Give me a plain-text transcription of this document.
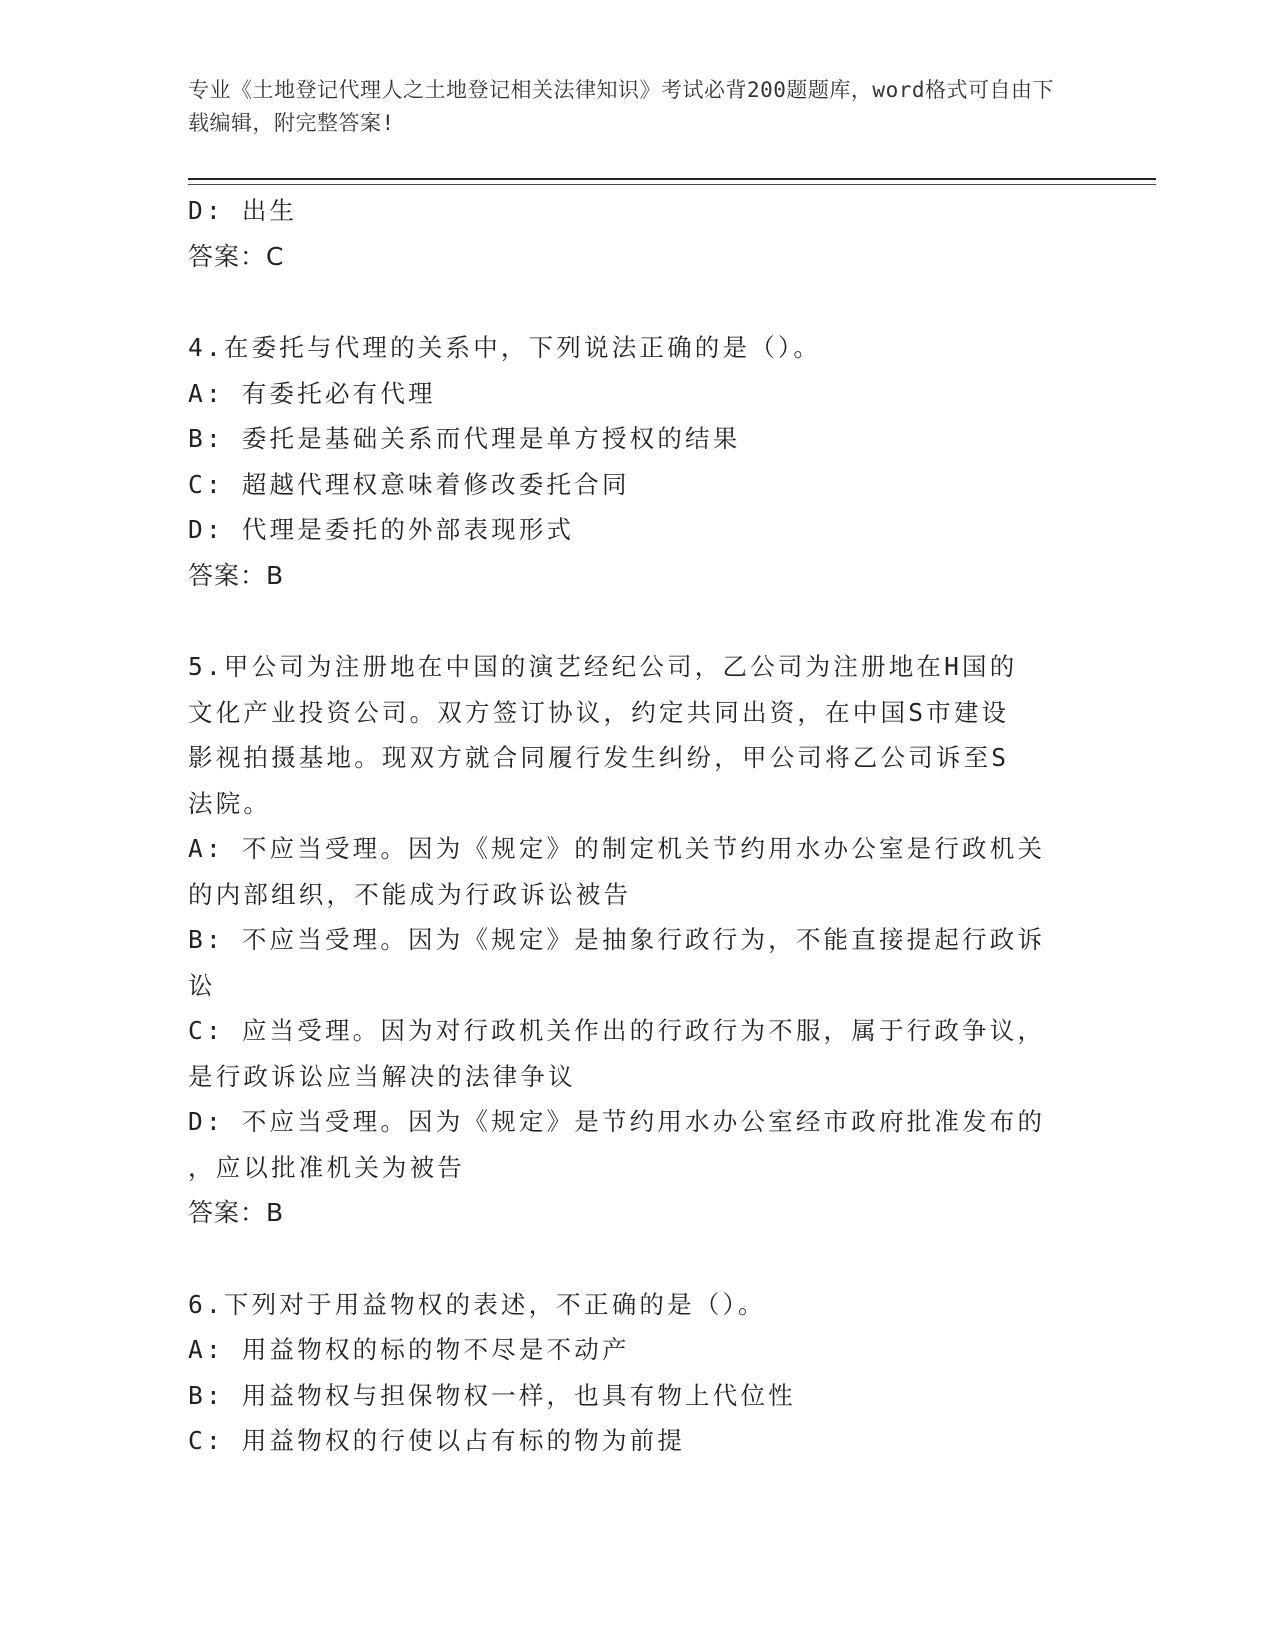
专业《土地登记代理人之土地登记相关法律知识》考试必背200题题库，word格式可自由下载编辑，附完整答案!
D: 出生
答案：C
4.在委托与代理的关系中，下列说法正确的是（）。
A: 有委托必有代理
B: 委托是基础关系而代理是单方授权的结果
C: 超越代理权意味着修改委托合同
D: 代理是委托的外部表现形式
答案：B
5.甲公司为注册地在中国的演艺经纪公司，乙公司为注册地在H国的
文化产业投资公司。双方签订协议，约定共同出资，在中国S市建设
影视拍摄基地。现双方就合同履行发生纠纷，甲公司将乙公司诉至S
法院。
A: 不应当受理。因为《规定》的制定机关节约用水办公室是行政机关
的内部组织，不能成为行政诉讼被告
B: 不应当受理。因为《规定》是抽象行政行为，不能直接提起行政诉
讼
C: 应当受理。因为对行政机关作出的行政行为不服，属于行政争议，
是行政诉讼应当解决的法律争议
D: 不应当受理。因为《规定》是节约用水办公室经市政府批准发布的
，应以批准机关为被告
答案：B
6.下列对于用益物权的表述，不正确的是（）。
A: 用益物权的标的物不尽是不动产
B: 用益物权与担保物权一样，也具有物上代位性
C: 用益物权的行使以占有标的物为前提
